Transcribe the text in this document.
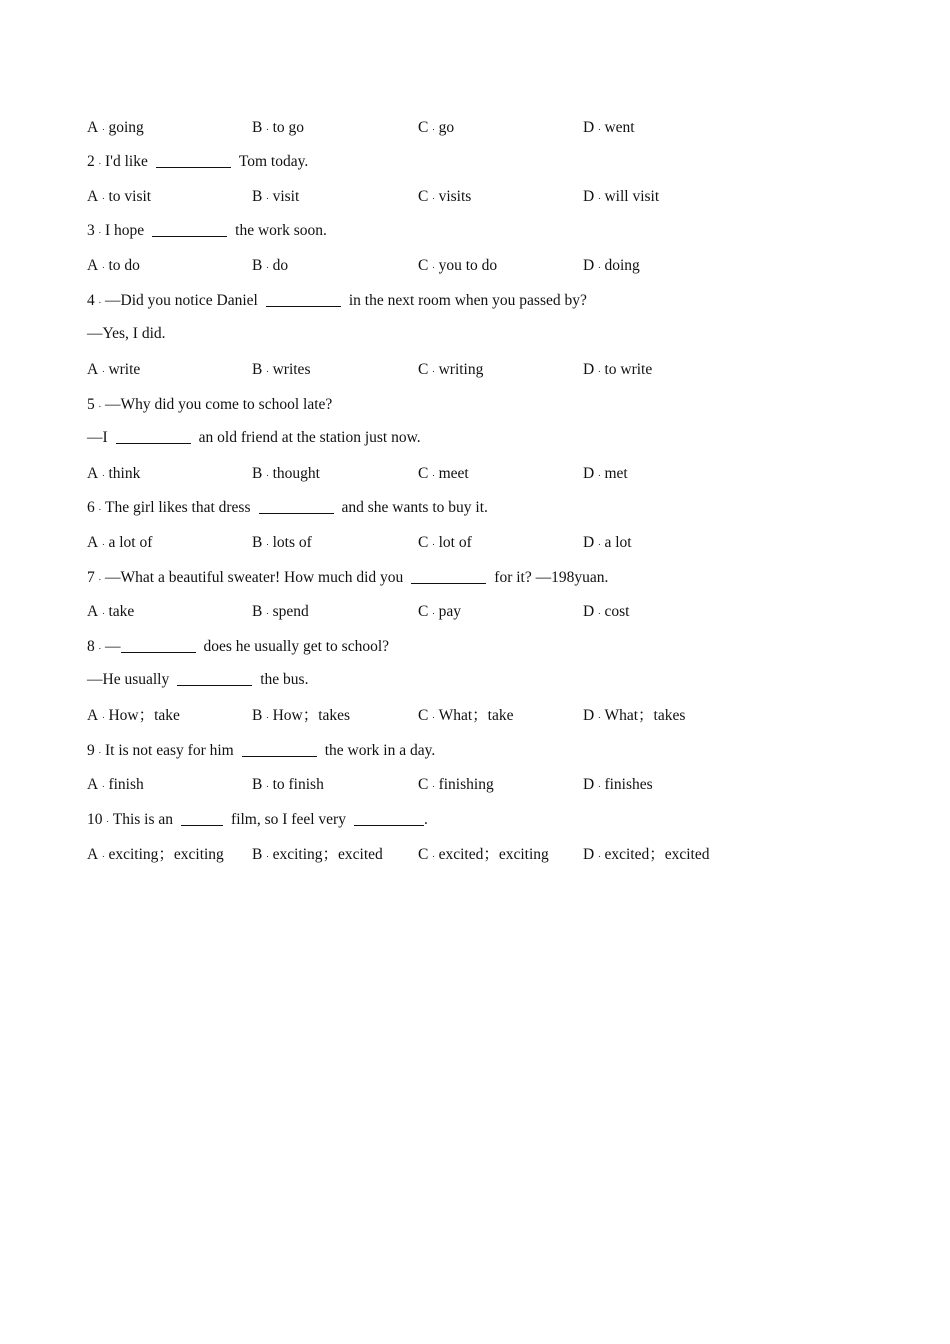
A . going	B . to go	C . go	D . went
2 . I'd like	Tom today.
A . to visit	B . visit	C . visits	D . will visit
3 . I hope	the work soon.
A . to do	B . do	C . you to do	D . doing
4 . —Did you notice Daniel	in the next room when you passed by?
—Yes, I did.
A . write	B . writes	C . writing	D . to write
5 . —Why did you come to school late?
—I	an old friend at the station just now.
A . think	B . thought	C . meet	D . met
6 . The girl likes that dress	and she wants to buy it.
A . a lot of	B . lots of	C . lot of	D . a lot
7 . —What a beautiful sweater! How much did you	for it? —198yuan.
A . take	B . spend	C . pay	D . cost
8 . —	does he usually get to school?
—He usually	the bus.
A . How；take	B . How；takes	C . What；take	D . What；takes
9 . It is not easy for him	the work in a day.
A . finish	B . to finish	C . finishing	D . finishes
10 . This is an	film, so I feel very	.
A . exciting；exciting B . exciting；excited C . excited；exciting D . excited；excited
